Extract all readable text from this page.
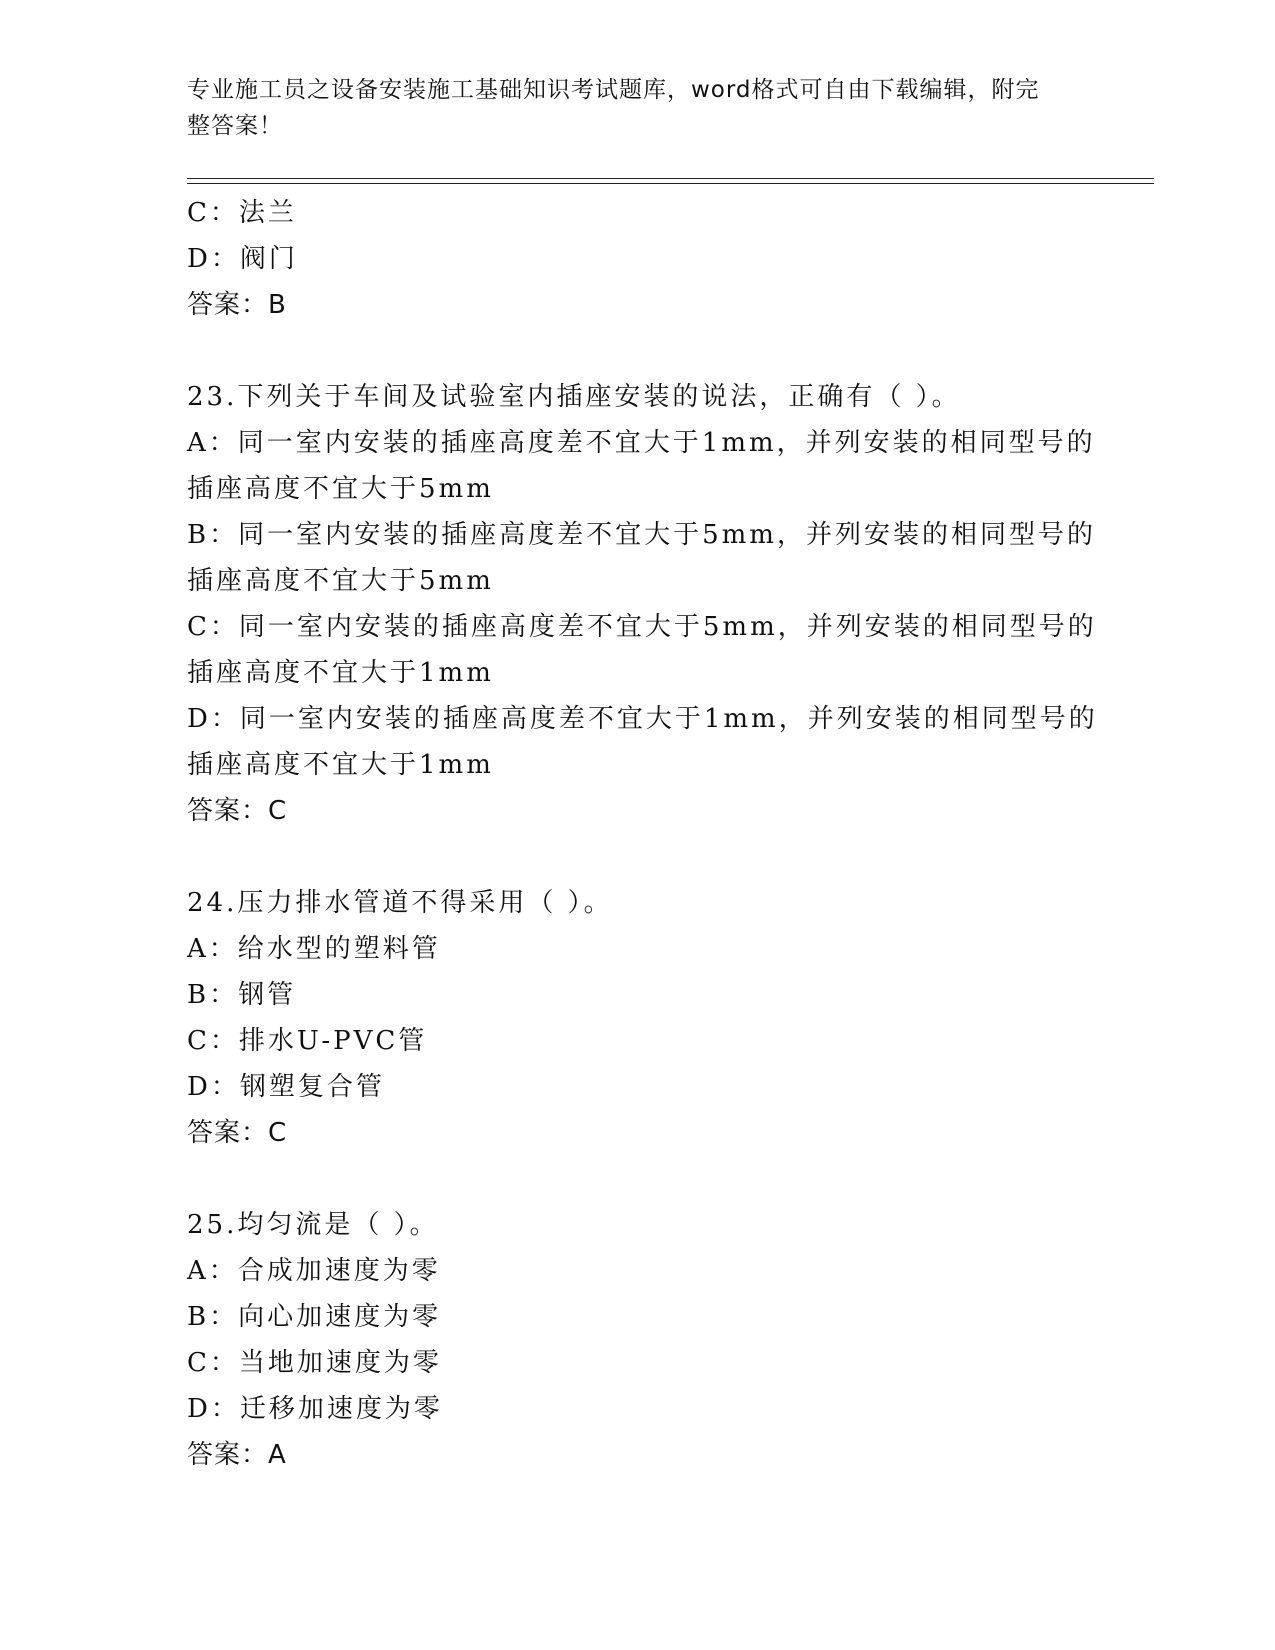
专业施工员之设备安装施工基础知识考试题库，word格式可自由下载编辑，附完
整答案！
C：法兰
D：阀门
答案：B
23.下列关于车间及试验室内插座安装的说法，正确有（ ）。
A：同一室内安装的插座高度差不宜大于1mm，并列安装的相同型号的
插座高度不宜大于5mm
B：同一室内安装的插座高度差不宜大于5mm，并列安装的相同型号的
插座高度不宜大于5mm
C：同一室内安装的插座高度差不宜大于5mm，并列安装的相同型号的
插座高度不宜大于1mm
D：同一室内安装的插座高度差不宜大于1mm，并列安装的相同型号的
插座高度不宜大于1mm
答案：C
24.压力排水管道不得采用（ ）。
A：给水型的塑料管
B：钢管
C：排水U-PVC管
D：钢塑复合管
答案：C
25.均匀流是（ ）。
A：合成加速度为零
B：向心加速度为零
C：当地加速度为零
D：迁移加速度为零
答案：A
